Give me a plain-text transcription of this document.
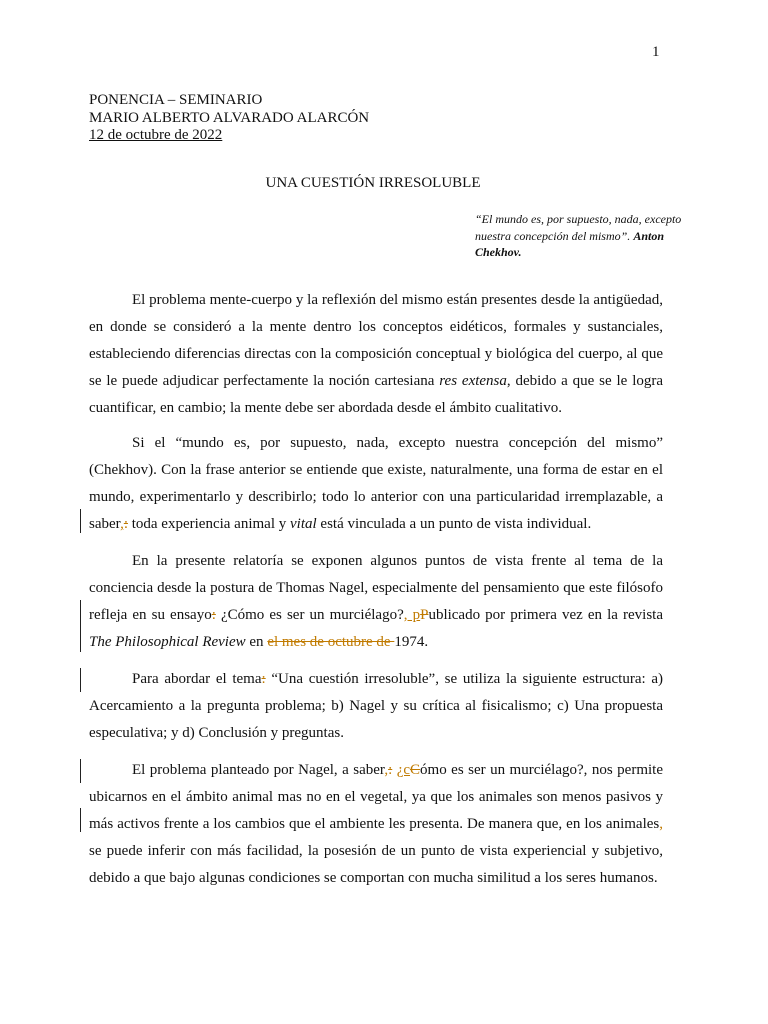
1
PONENCIA – SEMINARIO
MARIO ALBERTO ALVARADO ALARCÓN
12 de octubre de 2022
UNA CUESTIÓN IRRESOLUBLE
“El mundo es, por supuesto, nada, excepto nuestra concepción del mismo”. Anton Chekhov.

El problema mente-cuerpo y la reflexión del mismo están presentes desde la antigüedad, en donde se consideró a la mente dentro los conceptos eidéticos, formales y sustanciales, estableciendo diferencias directas con la composición conceptual y biológica del cuerpo, al que se le puede adjudicar perfectamente la noción cartesiana res extensa, debido a que se le logra cuantificar, en cambio; la mente debe ser abordada desde el ámbito cualitativo.

Si el “mundo es, por supuesto, nada, excepto nuestra concepción del mismo” (Chekhov). Con la frase anterior se entiende que existe, naturalmente, una forma de estar en el mundo, experimentarlo y describirlo; todo lo anterior con una particularidad irremplazable, a saber,: toda experiencia animal y vital está vinculada a un punto de vista individual.

En la presente relatoría se exponen algunos puntos de vista frente al tema de la conciencia desde la postura de Thomas Nagel, especialmente del pensamiento que este filósofo refleja en su ensayo: ¿Cómo es ser un murciélago?, pPublicado por primera vez en la revista The Philosophical Review en el mes de octubre de 1974.

Para abordar el tema: “Una cuestión irresoluble”, se utiliza la siguiente estructura: a) Acercamiento a la pregunta problema; b) Nagel y su crítica al fisicalismo; c) Una propuesta especulativa; y d) Conclusión y preguntas.

El problema planteado por Nagel, a saber,: ¿cCómo es ser un murciélago?, nos permite ubicarnos en el ámbito animal mas no en el vegetal, ya que los animales son menos pasivos y más activos frente a los cambios que el ambiente les presenta. De manera que, en los animales, se puede inferir con más facilidad, la posesión de un punto de vista experiencial y subjetivo, debido a que bajo algunas condiciones se comportan con mucha similitud a los seres humanos.
